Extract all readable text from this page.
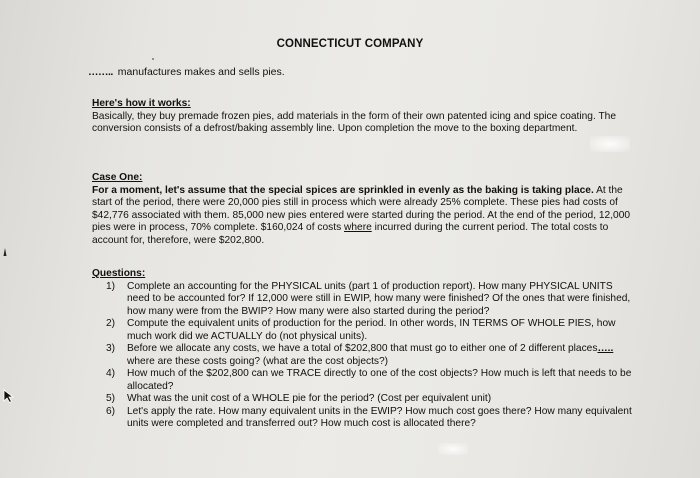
CONNECTICUT COMPANY
…….. manufactures makes and sells pies.
Here's how it works:
Basically, they buy premade frozen pies, add materials in the form of their own patented icing and spice coating. The conversion consists of a defrost/baking assembly line. Upon completion the move to the boxing department.
Case One:
For a moment, let's assume that the special spices are sprinkled in evenly as the baking is taking place. At the start of the period, there were 20,000 pies still in process which were already 25% complete. These pies had costs of $42,776 associated with them. 85,000 new pies entered were started during the period. At the end of the period, 12,000 pies were in process, 70% complete. $160,024 of costs where incurred during the current period. The total costs to account for, therefore, were $202,800.
Questions:
1) Complete an accounting for the PHYSICAL units (part 1 of production report). How many PHYSICAL UNITS need to be accounted for? If 12,000 were still in EWIP, how many were finished? Of the ones that were finished, how many were from the BWIP? How many were also started during the period?
2) Compute the equivalent units of production for the period. In other words, IN TERMS OF WHOLE PIES, how much work did we ACTUALLY do (not physical units).
3) Before we allocate any costs, we have a total of $202,800 that must go to either one of 2 different places….. where are these costs going? (what are the cost objects?)
4) How much of the $202,800 can we TRACE directly to one of the cost objects? How much is left that needs to be allocated?
5) What was the unit cost of a WHOLE pie for the period? (Cost per equivalent unit)
6) Let's apply the rate. How many equivalent units in the EWIP? How much cost goes there? How many equivalent units were completed and transferred out? How much cost is allocated there?
